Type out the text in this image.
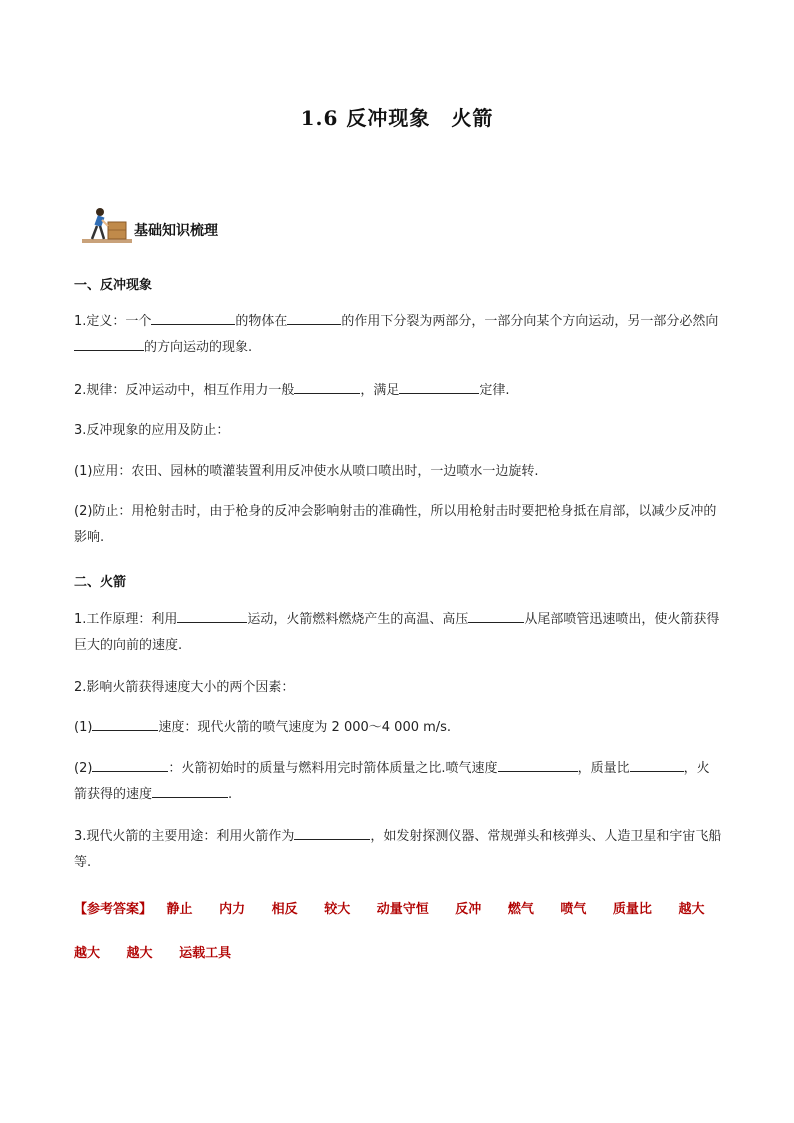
1.6 反冲现象　火箭
基础知识梳理
一、反冲现象
1.定义：一个	的物体在	的作用下分裂为两部分，一部分向某个方向运动，另一部分必然向的方向运动的现象.
2.规律：反冲运动中，相互作用力一般	，满足	定律.
3.反冲现象的应用及防止：
(1)应用：农田、园林的喷灌装置利用反冲使水从喷口喷出时，一边喷水一边旋转.
(2)防止：用枪射击时，由于枪身的反冲会影响射击的准确性，所以用枪射击时要把枪身抵在肩部，以减少反冲的影响.
二、火箭
1.工作原理：利用	运动，火箭燃料燃烧产生的高温、高压	从尾部喷管迅速喷出，使火箭获得巨大的向前的速度.
2.影响火箭获得速度大小的两个因素：
(1)	速度：现代火箭的喷气速度为 2 000～4 000 m/s.
(2)	：火箭初始时的质量与燃料用完时箭体质量之比.喷气速度	，质量比	，火箭获得的速度	.
3.现代火箭的主要用途：利用火箭作为	，如发射探测仪器、常规弹头和核弹头、人造卫星和宇宙飞船等.
【参考答案】 静止 内力 相反 较大 动量守恒 反冲 燃气 喷气 质量比 越大 越大 越大 运载工具
